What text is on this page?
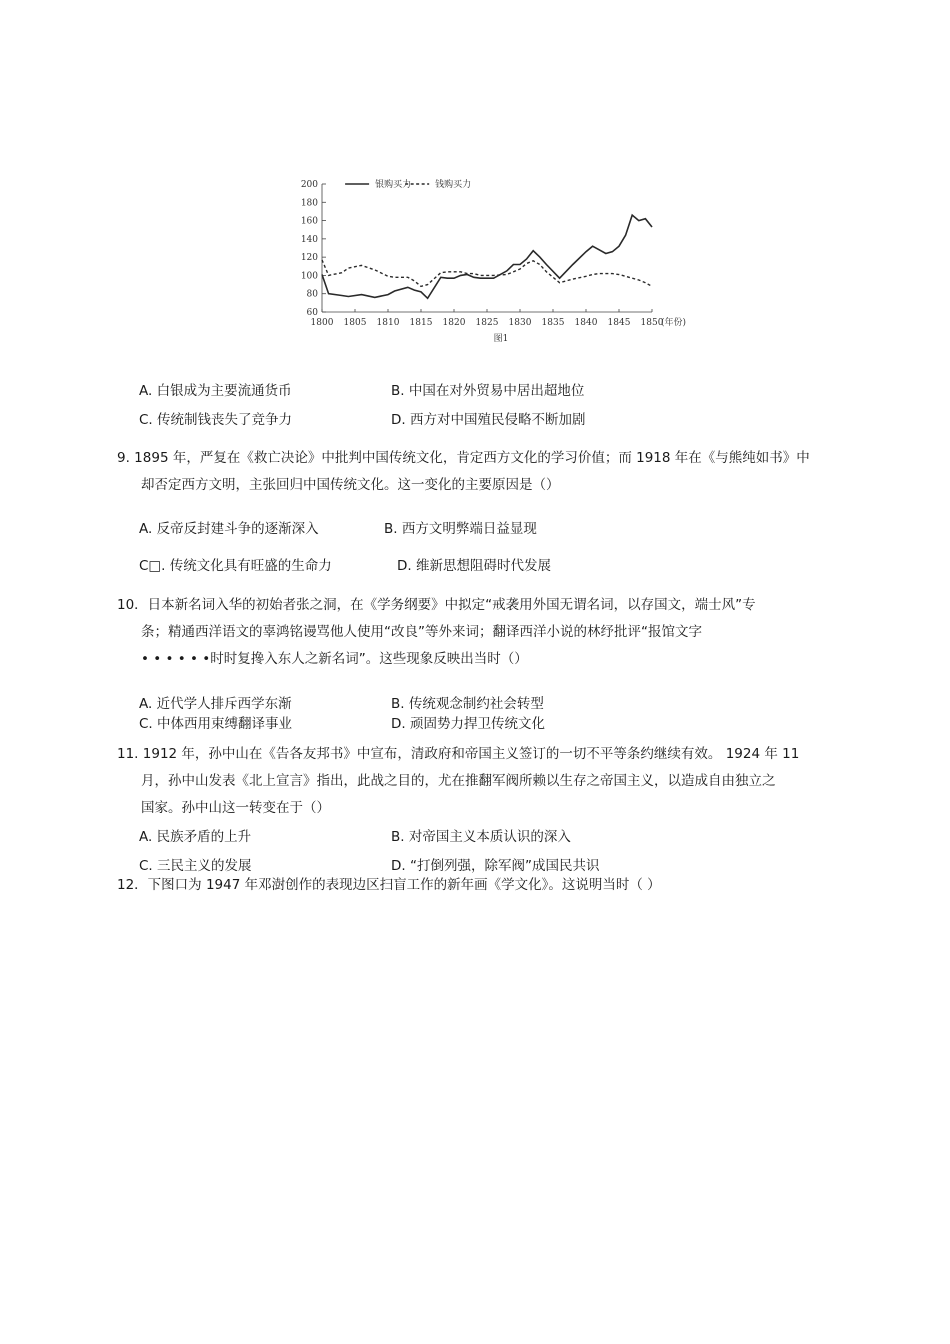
60
80
100
120
140
160
180
200
1800 1805 1810 1815 1820 1825 1830 1835 1840 1845 1850
(年份)
银购买力	钱购买力
图1
A. 白银成为主要流通货币	B. 中国在对外贸易中居出超地位
C. 传统制钱丧失了竞争力	D. 西方对中国殖民侵略不断加剧
9. 1895 年，严复在《救亡决论》中批判中国传统文化，肯定西方文化的学习价值；而 1918 年在《与熊纯如书》中
却否定西方文明，主张回归中国传统文化。这一变化的主要原因是（）
A. 反帝反封建斗争的逐渐深入	B. 西方文明弊端日益显现
C□. 传统文化具有旺盛的生命力	D. 维新思想阻碍时代发展
10．日本新名词入华的初始者张之洞，在《学务纲要》中拟定“戒袭用外国无谓名词，以存国文，端士风”专
条；精通西洋语文的辜鸿铭谩骂他人使用“改良”等外来词；翻译西洋小说的林纾批评“报馆文字
• • • • • •时时复搀入东人之新名词”。这些现象反映出当时（）
A. 近代学人排斥西学东渐	B. 传统观念制约社会转型
C. 中体西用束缚翻译事业	D. 顽固势力捍卫传统文化
11. 1912 年，孙中山在《告各友邦书》中宣布，清政府和帝国主义签订的一切不平等条约继续有效。 1924 年 11
月，孙中山发表《北上宣言》指出，此战之目的，尤在推翻军阀所赖以生存之帝国主义，以造成自由独立之
国家。孙中山这一转变在于（）
A. 民族矛盾的上升	B. 对帝国主义本质认识的深入
C. 三民主义的发展	D. “打倒列强，除军阀”成国民共识
12．下图口为 1947 年邓澍创作的表现边区扫盲工作的新年画《学文化》。这说明当时（ ）
